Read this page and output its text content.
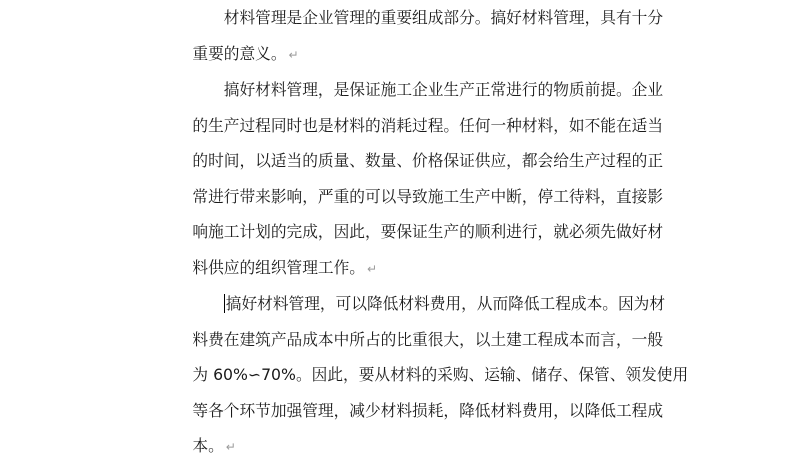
材料管理是企业管理的重要组成部分。搞好材料管理，具有十分
重要的意义。 ↵
搞好材料管理，是保证施工企业生产正常进行的物质前提。企业
的生产过程同时也是材料的消耗过程。任何一种材料，如不能在适当
的时间，以适当的质量、数量、价格保证供应，都会给生产过程的正
常进行带来影响，严重的可以导致施工生产中断，停工待料，直接影
响施工计划的完成，因此，要保证生产的顺利进行，就必须先做好材
料供应的组织管理工作。 ↵
搞好材料管理，可以降低材料费用，从而降低工程成本。因为材
料费在建筑产品成本中所占的比重很大，以土建工程成本而言，一般
为 60%∽70%。因此，要从材料的采购、运输、储存、保管、领发使用
等各个环节加强管理，减少材料损耗，降低材料费用，以降低工程成
本。 ↵
